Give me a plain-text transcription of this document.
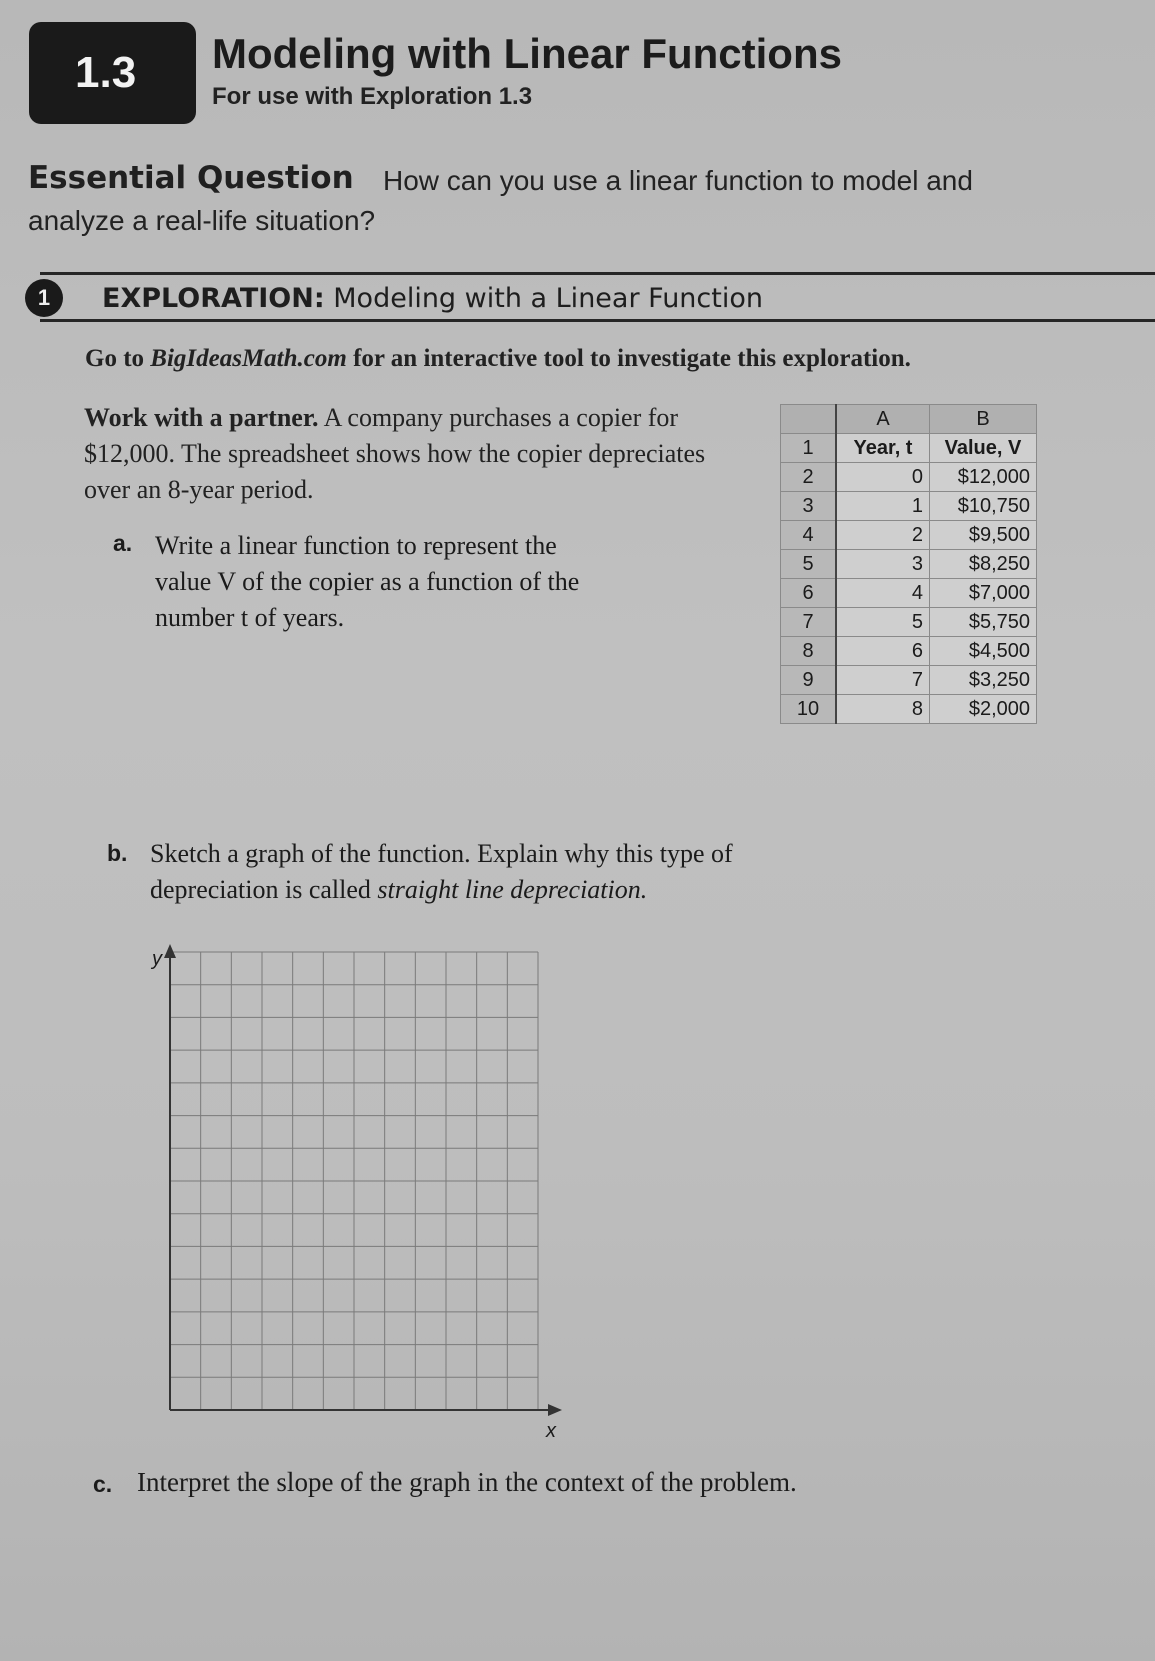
1.3 Modeling with Linear Functions
For use with Exploration 1.3
Essential Question How can you use a linear function to model and
analyze a real-life situation?
1	EXPLORATION: Modeling with a Linear Function
Go to BigIdeasMath.com for an interactive tool to investigate this exploration.
Work with a partner. A company purchases a copier for $12,000. The spreadsheet shows how the copier depreciates over an 8-year period.
a. Write a linear function to represent the value V of the copier as a function of the number t of years.
	A	B
1	Year, t	Value, V
2	0	$12,000
3	1	$10,750
4	2	$9,500
5	3	$8,250
6	4	$7,000
7	5	$5,750
8	6	$4,500
9	7	$3,250
10	8	$2,000
b. Sketch a graph of the function. Explain why this type of depreciation is called straight line depreciation.
y
x
c. Interpret the slope of the graph in the context of the problem.
